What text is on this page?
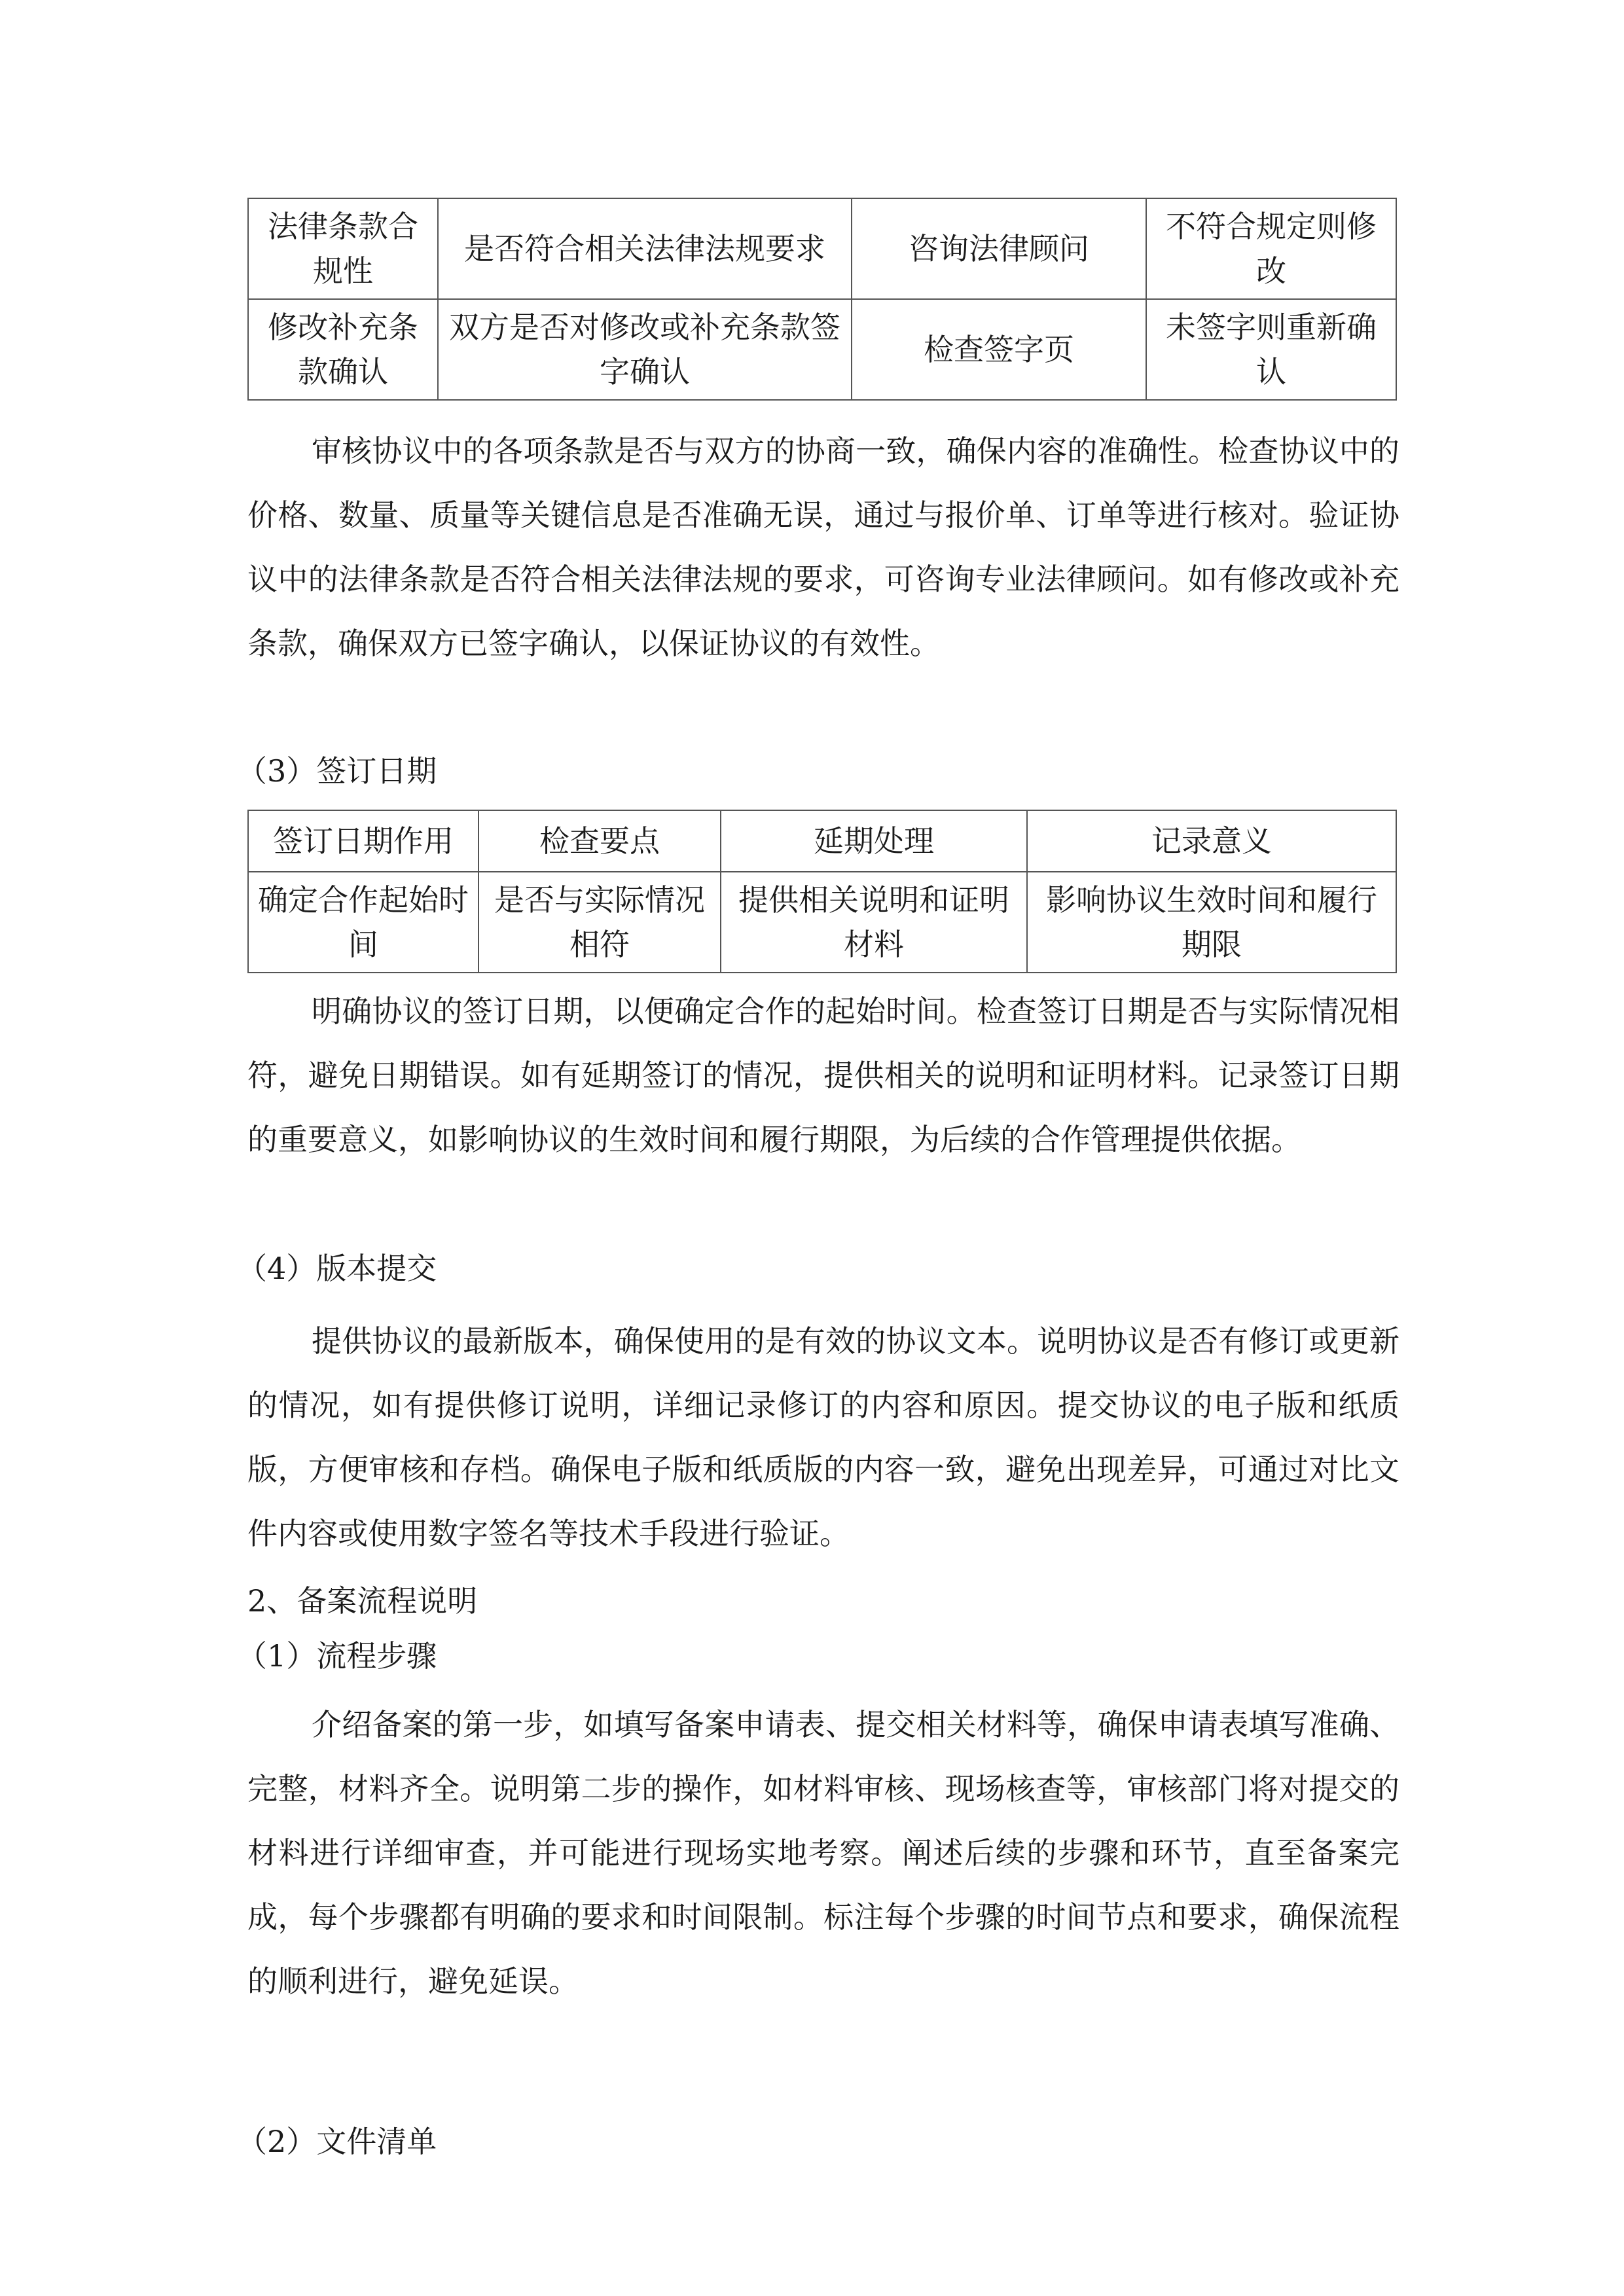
法律条款合规性	是否符合相关法律法规要求	咨询法律顾问	不符合规定则修改
修改补充条款确认	双方是否对修改或补充条款签字确认	检查签字页	未签字则重新确认

审核协议中的各项条款是否与双方的协商一致，确保内容的准确性。检查协议中的价格、数量、质量等关键信息是否准确无误，通过与报价单、订单等进行核对。验证协议中的法律条款是否符合相关法律法规的要求，可咨询专业法律顾问。如有修改或补充条款，确保双方已签字确认，以保证协议的有效性。

（3）签订日期
签订日期作用	检查要点	延期处理	记录意义
确定合作起始时间	是否与实际情况相符	提供相关说明和证明材料	影响协议生效时间和履行期限

明确协议的签订日期，以便确定合作的起始时间。检查签订日期是否与实际情况相符，避免日期错误。如有延期签订的情况，提供相关的说明和证明材料。记录签订日期的重要意义，如影响协议的生效时间和履行期限，为后续的合作管理提供依据。

（4）版本提交

提供协议的最新版本，确保使用的是有效的协议文本。说明协议是否有修订或更新的情况，如有提供修订说明，详细记录修订的内容和原因。提交协议的电子版和纸质版，方便审核和存档。确保电子版和纸质版的内容一致，避免出现差异，可通过对比文件内容或使用数字签名等技术手段进行验证。

2、备案流程说明
（1）流程步骤

介绍备案的第一步，如填写备案申请表、提交相关材料等，确保申请表填写准确、完整，材料齐全。说明第二步的操作，如材料审核、现场核查等，审核部门将对提交的材料进行详细审查，并可能进行现场实地考察。阐述后续的步骤和环节，直至备案完成，每个步骤都有明确的要求和时间限制。标注每个步骤的时间节点和要求，确保流程的顺利进行，避免延误。

（2）文件清单
